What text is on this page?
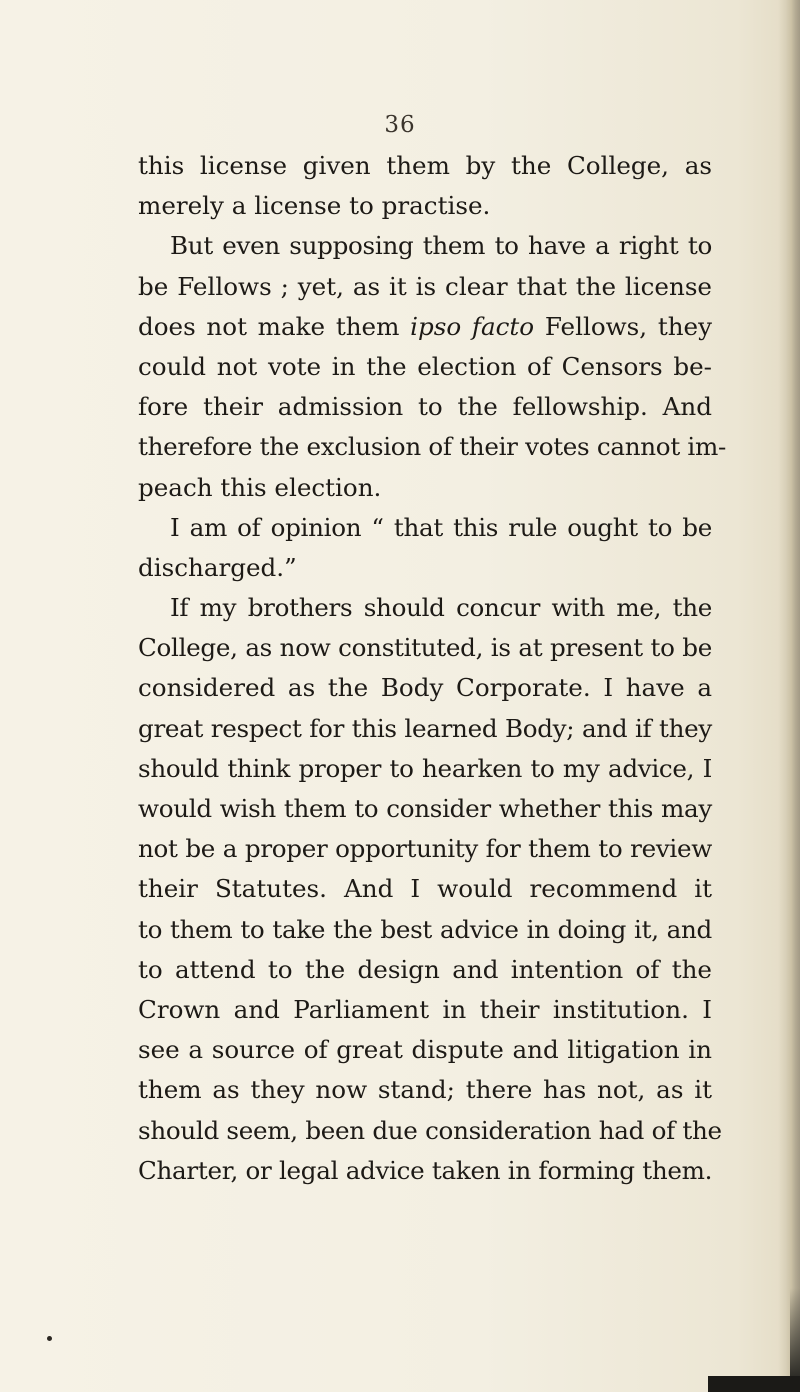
36
this license given them by the College, as
merely a license to practise.
But even supposing them to have a right to
be Fellows ; yet, as it is clear that the license
does not make them ipso facto Fellows, they
could not vote in the election of Censors be-
fore their admission to the fellowship. And
therefore the exclusion of their votes cannot im-
peach this election.
I am of opinion “ that this rule ought to be
discharged.”
If my brothers should concur with me, the
College, as now constituted, is at present to be
considered as the Body Corporate. I have a
great respect for this learned Body; and if they
should think proper to hearken to my advice, I
would wish them to consider whether this may
not be a proper opportunity for them to review
their Statutes. And I would recommend it
to them to take the best advice in doing it, and
to attend to the design and intention of the
Crown and Parliament in their institution. I
see a source of great dispute and litigation in
them as they now stand; there has not, as it
should seem, been due consideration had of the
Charter, or legal advice taken in forming them.
